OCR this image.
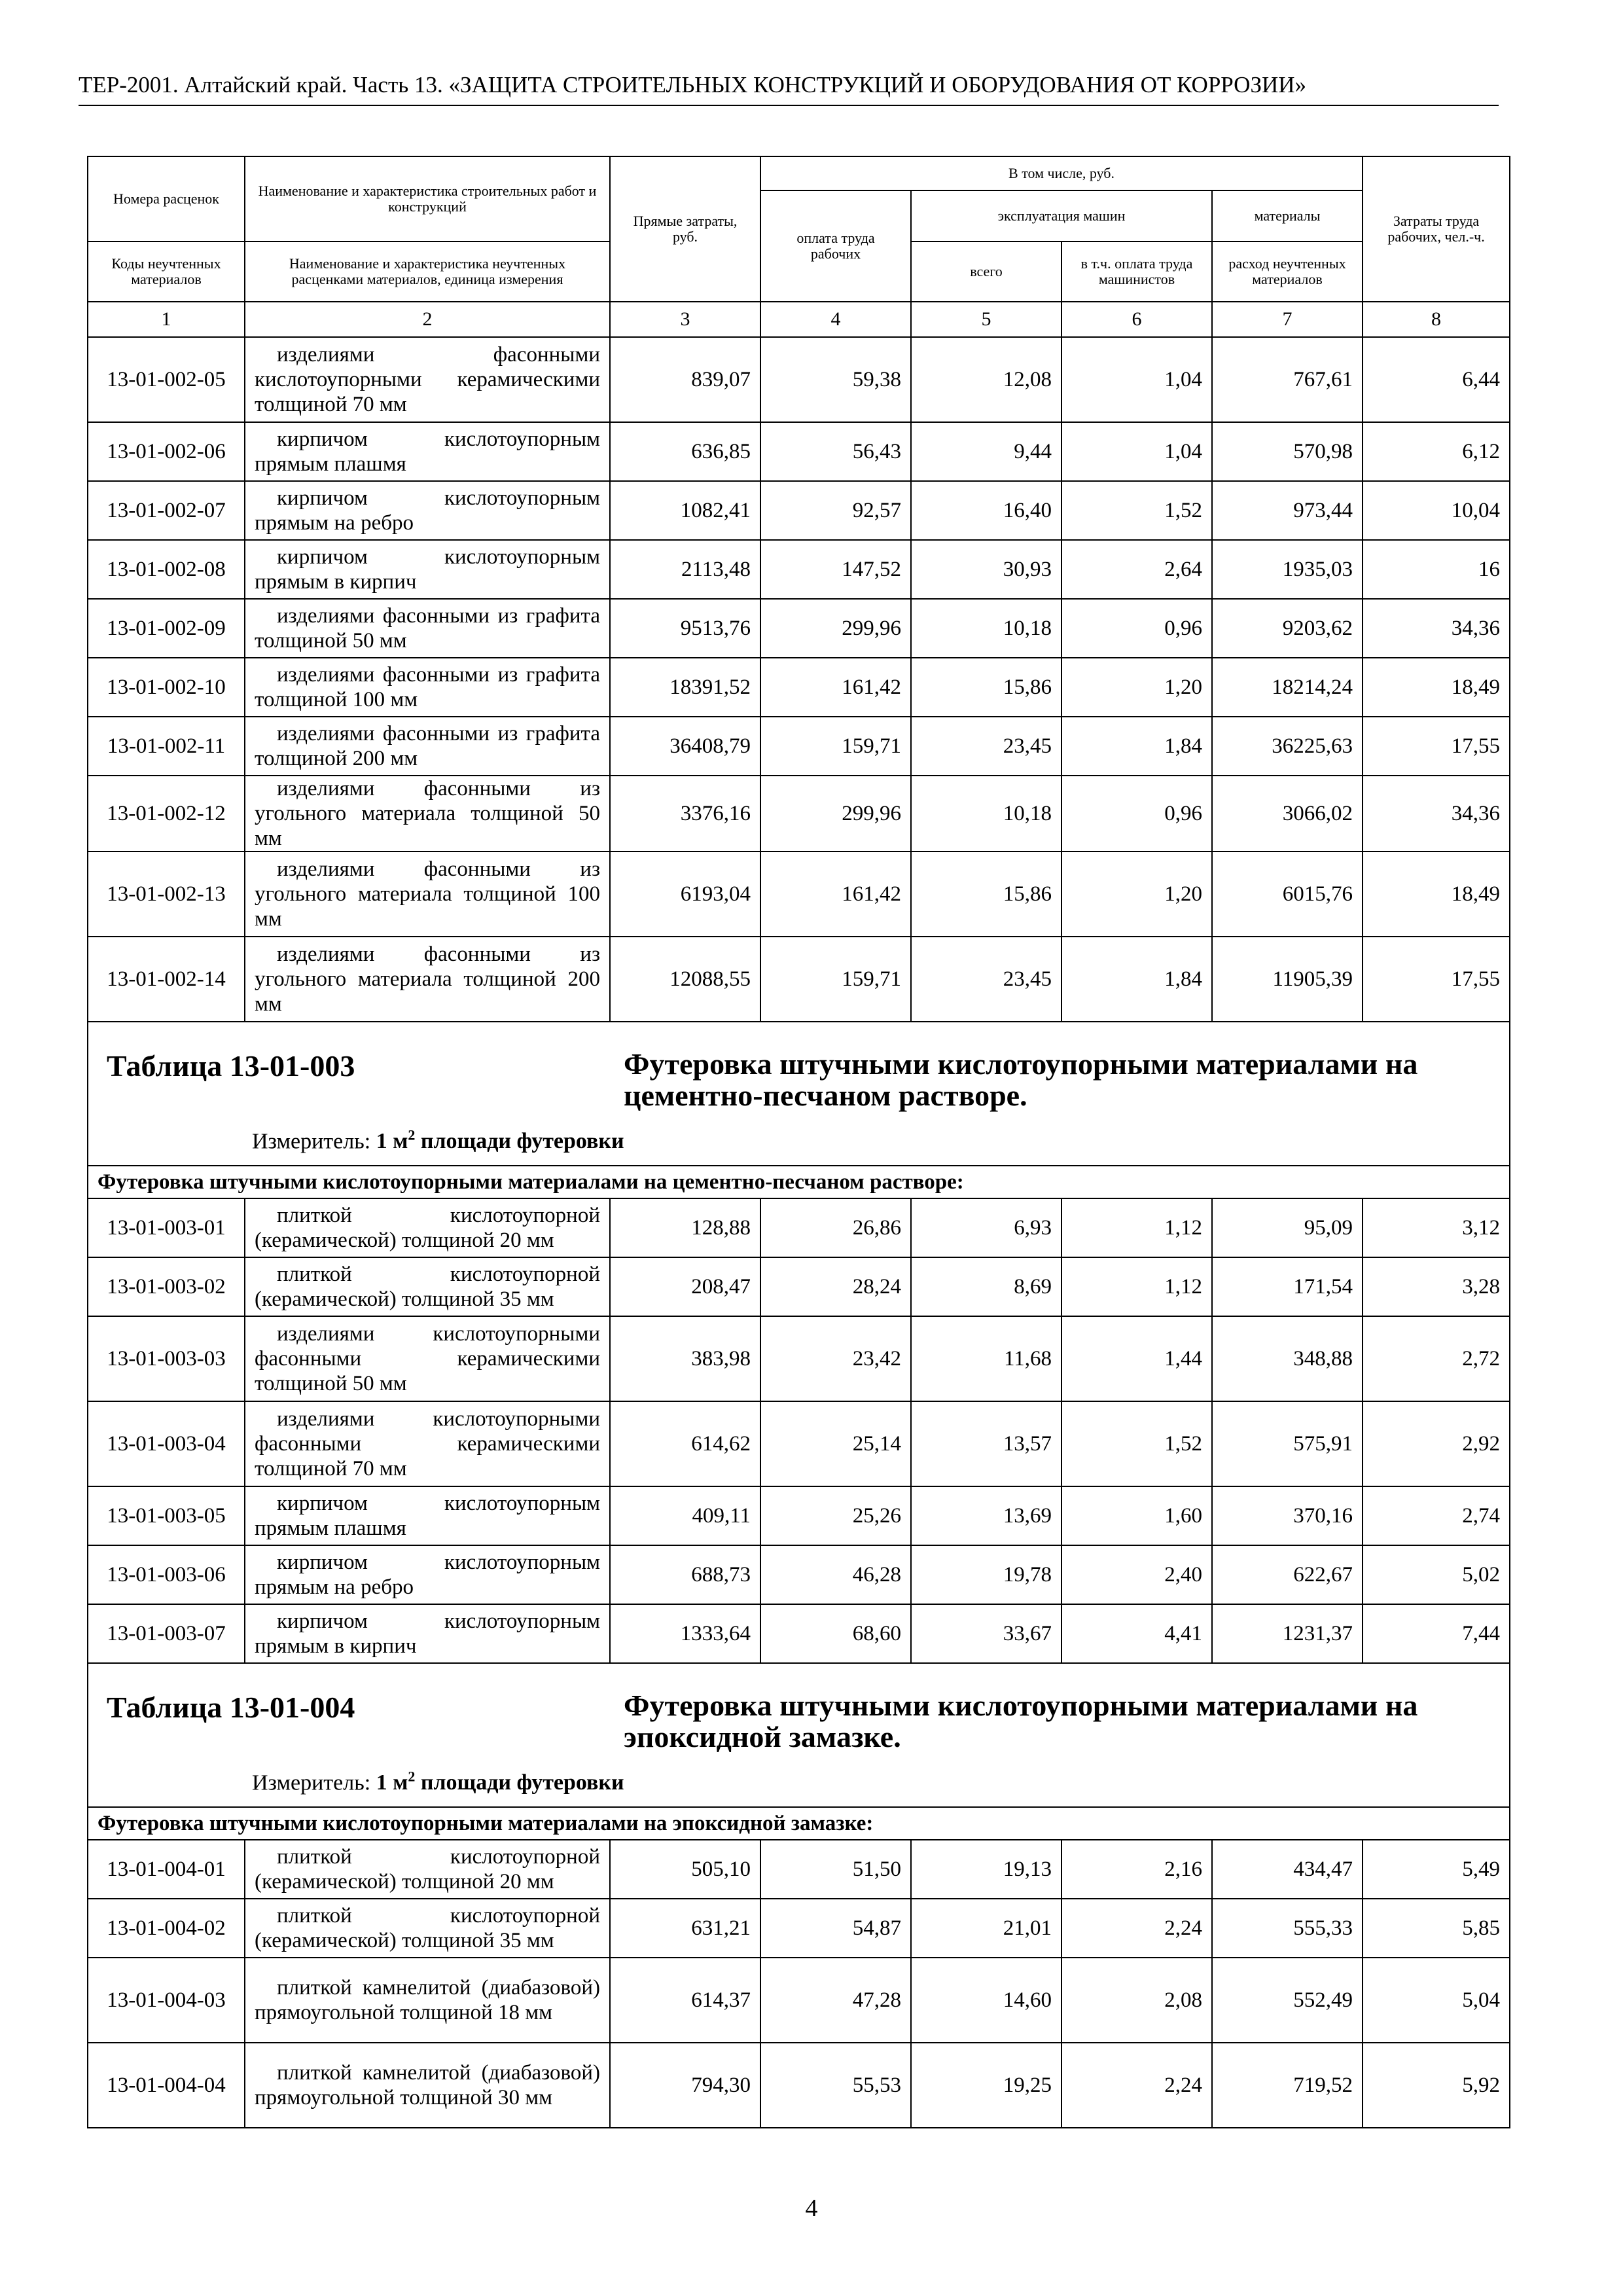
ТЕР-2001. Алтайский край. Часть 13. «ЗАЩИТА СТРОИТЕЛЬНЫХ КОНСТРУКЦИЙ И ОБОРУДОВАНИЯ ОТ КОРРОЗИИ»
Номера расценок	Наименование и характеристика строительных работ и конструкций	Прямые затраты, руб.	В том числе, руб.				Затраты труда рабочих, чел.-ч.
			оплата труда рабочих	эксплуатация машин		материалы	
Коды неучтенных материалов	Наименование и характеристика неучтенных расценками материалов, единица измерения			всего	в т.ч. оплата труда машинистов	расход неучтенных материалов	
1	2	3	4	5	6	7	8
13-01-002-05	изделиями фасонными кислотоупорными керамическими толщиной 70 мм	839,07	59,38	12,08	1,04	767,61	6,44
13-01-002-06	кирпичом кислотоупорным прямым плашмя	636,85	56,43	9,44	1,04	570,98	6,12
13-01-002-07	кирпичом кислотоупорным прямым на ребро	1082,41	92,57	16,40	1,52	973,44	10,04
13-01-002-08	кирпичом кислотоупорным прямым в кирпич	2113,48	147,52	30,93	2,64	1935,03	16
13-01-002-09	изделиями фасонными из графита толщиной 50 мм	9513,76	299,96	10,18	0,96	9203,62	34,36
13-01-002-10	изделиями фасонными из графита толщиной 100 мм	18391,52	161,42	15,86	1,20	18214,24	18,49
13-01-002-11	изделиями фасонными из графита толщиной 200 мм	36408,79	159,71	23,45	1,84	36225,63	17,55
13-01-002-12	изделиями фасонными из угольного материала толщиной 50 мм	3376,16	299,96	10,18	0,96	3066,02	34,36
13-01-002-13	изделиями фасонными из угольного материала толщиной 100 мм	6193,04	161,42	15,86	1,20	6015,76	18,49
13-01-002-14	изделиями фасонными из угольного материала толщиной 200 мм	12088,55	159,71	23,45	1,84	11905,39	17,55

Таблица 13-01-003 Футеровка штучными кислотоупорными материалами на цементно-песчаном растворе.
Измеритель: 1 $м^2$ площади футеровки							

Футеровка штучными кислотоупорными материалами на цементно-песчаном растворе:							
13-01-003-01	плиткой кислотоупорной (керамической) толщиной 20 мм	128,88	26,86	6,93	1,12	95,09	3,12
13-01-003-02	плиткой кислотоупорной (керамической) толщиной 35 мм	208,47	28,24	8,69	1,12	171,54	3,28
13-01-003-03	изделиями кислотоупорными фасонными керамическими толщиной 50 мм	383,98	23,42	11,68	1,44	348,88	2,72
13-01-003-04	изделиями кислотоупорными фасонными керамическими толщиной 70 мм	614,62	25,14	13,57	1,52	575,91	2,92
13-01-003-05	кирпичом кислотоупорным прямым плашмя	409,11	25,26	13,69	1,60	370,16	2,74
13-01-003-06	кирпичом кислотоупорным прямым на ребро	688,73	46,28	19,78	2,40	622,67	5,02
13-01-003-07	кирпичом кислотоупорным прямым в кирпич	1333,64	68,60	33,67	4,41	1231,37	7,44

Таблица 13-01-004 Футеровка штучными кислотоупорными материалами на эпоксидной замазке.
Измеритель: 1 $м^2$ площади футеровки							

Футеровка штучными кислотоупорными материалами на эпоксидной замазке:							
13-01-004-01	плиткой кислотоупорной (керамической) толщиной 20 мм	505,10	51,50	19,13	2,16	434,47	5,49
13-01-004-02	плиткой кислотоупорной (керамической) толщиной 35 мм	631,21	54,87	21,01	2,24	555,33	5,85
13-01-004-03	плиткой камнелитой (диабазовой) прямоугольной толщиной 18 мм	614,37	47,28	14,60	2,08	552,49	5,04
13-01-004-04	плиткой камнелитой (диабазовой) прямоугольной толщиной 30 мм	794,30	55,53	19,25	2,24	719,52	5,92
4
